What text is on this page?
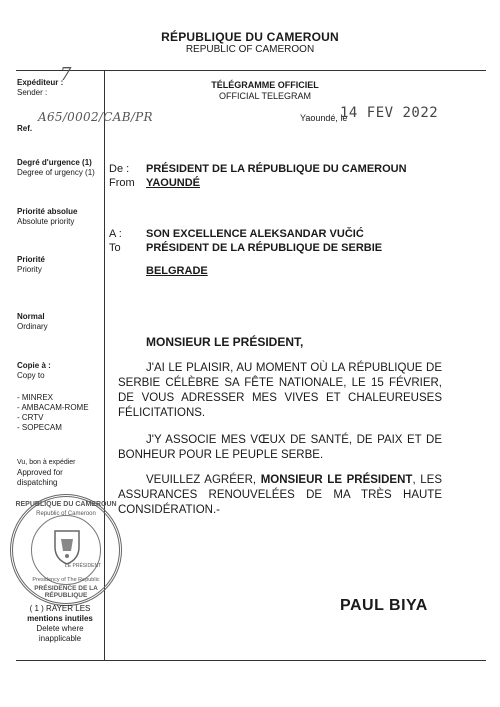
RÉPUBLIQUE DU CAMEROUN
REPUBLIC OF CAMEROON
Expéditeur :
Sender :
7
Ref.
A65/0002/CAB/PR
Degré d'urgence (1)
Degree of urgency (1)
Priorité absolue
Absolute priority
Priorité
Priority
Normal
Ordinary
Copie à :
Copy to
- MINREX
- AMBACAM-ROME
- CRTV
- SOPECAM
Vu, bon à expédier
Approved for
dispatching
REPUBLIQUE DU CAMEROUN
Republic of Cameroon
LE PRÉSIDENT
Presidency of The Republic
PRÉSIDENCE DE LA RÉPUBLIQUE
( 1 ) RAYER LES
mentions inutiles
Delete where
inapplicable
TÉLÉGRAMME OFFICIEL
OFFICIAL TELEGRAM
Yaoundé, le
14 FEV 2022
De :
From
PRÉSIDENT DE LA RÉPUBLIQUE DU CAMEROUN
YAOUNDÉ
A :
To
SON EXCELLENCE ALEKSANDAR VUČIĆ
PRÉSIDENT DE LA RÉPUBLIQUE DE SERBIE
BELGRADE
MONSIEUR LE PRÉSIDENT,
J'AI LE PLAISIR, AU MOMENT OÙ LA RÉPUBLIQUE DE SERBIE CÉLÈBRE SA FÊTE NATIONALE, LE 15 FÉVRIER, DE VOUS ADRESSER MES VIVES ET CHALEUREUSES FÉLICITATIONS.
J'Y ASSOCIE MES VŒUX DE SANTÉ, DE PAIX ET DE BONHEUR POUR LE PEUPLE SERBE.
VEUILLEZ AGRÉER, MONSIEUR LE PRÉSIDENT, LES ASSURANCES RENOUVELÉES DE MA TRÈS HAUTE CONSIDÉRATION.-
PAUL BIYA
